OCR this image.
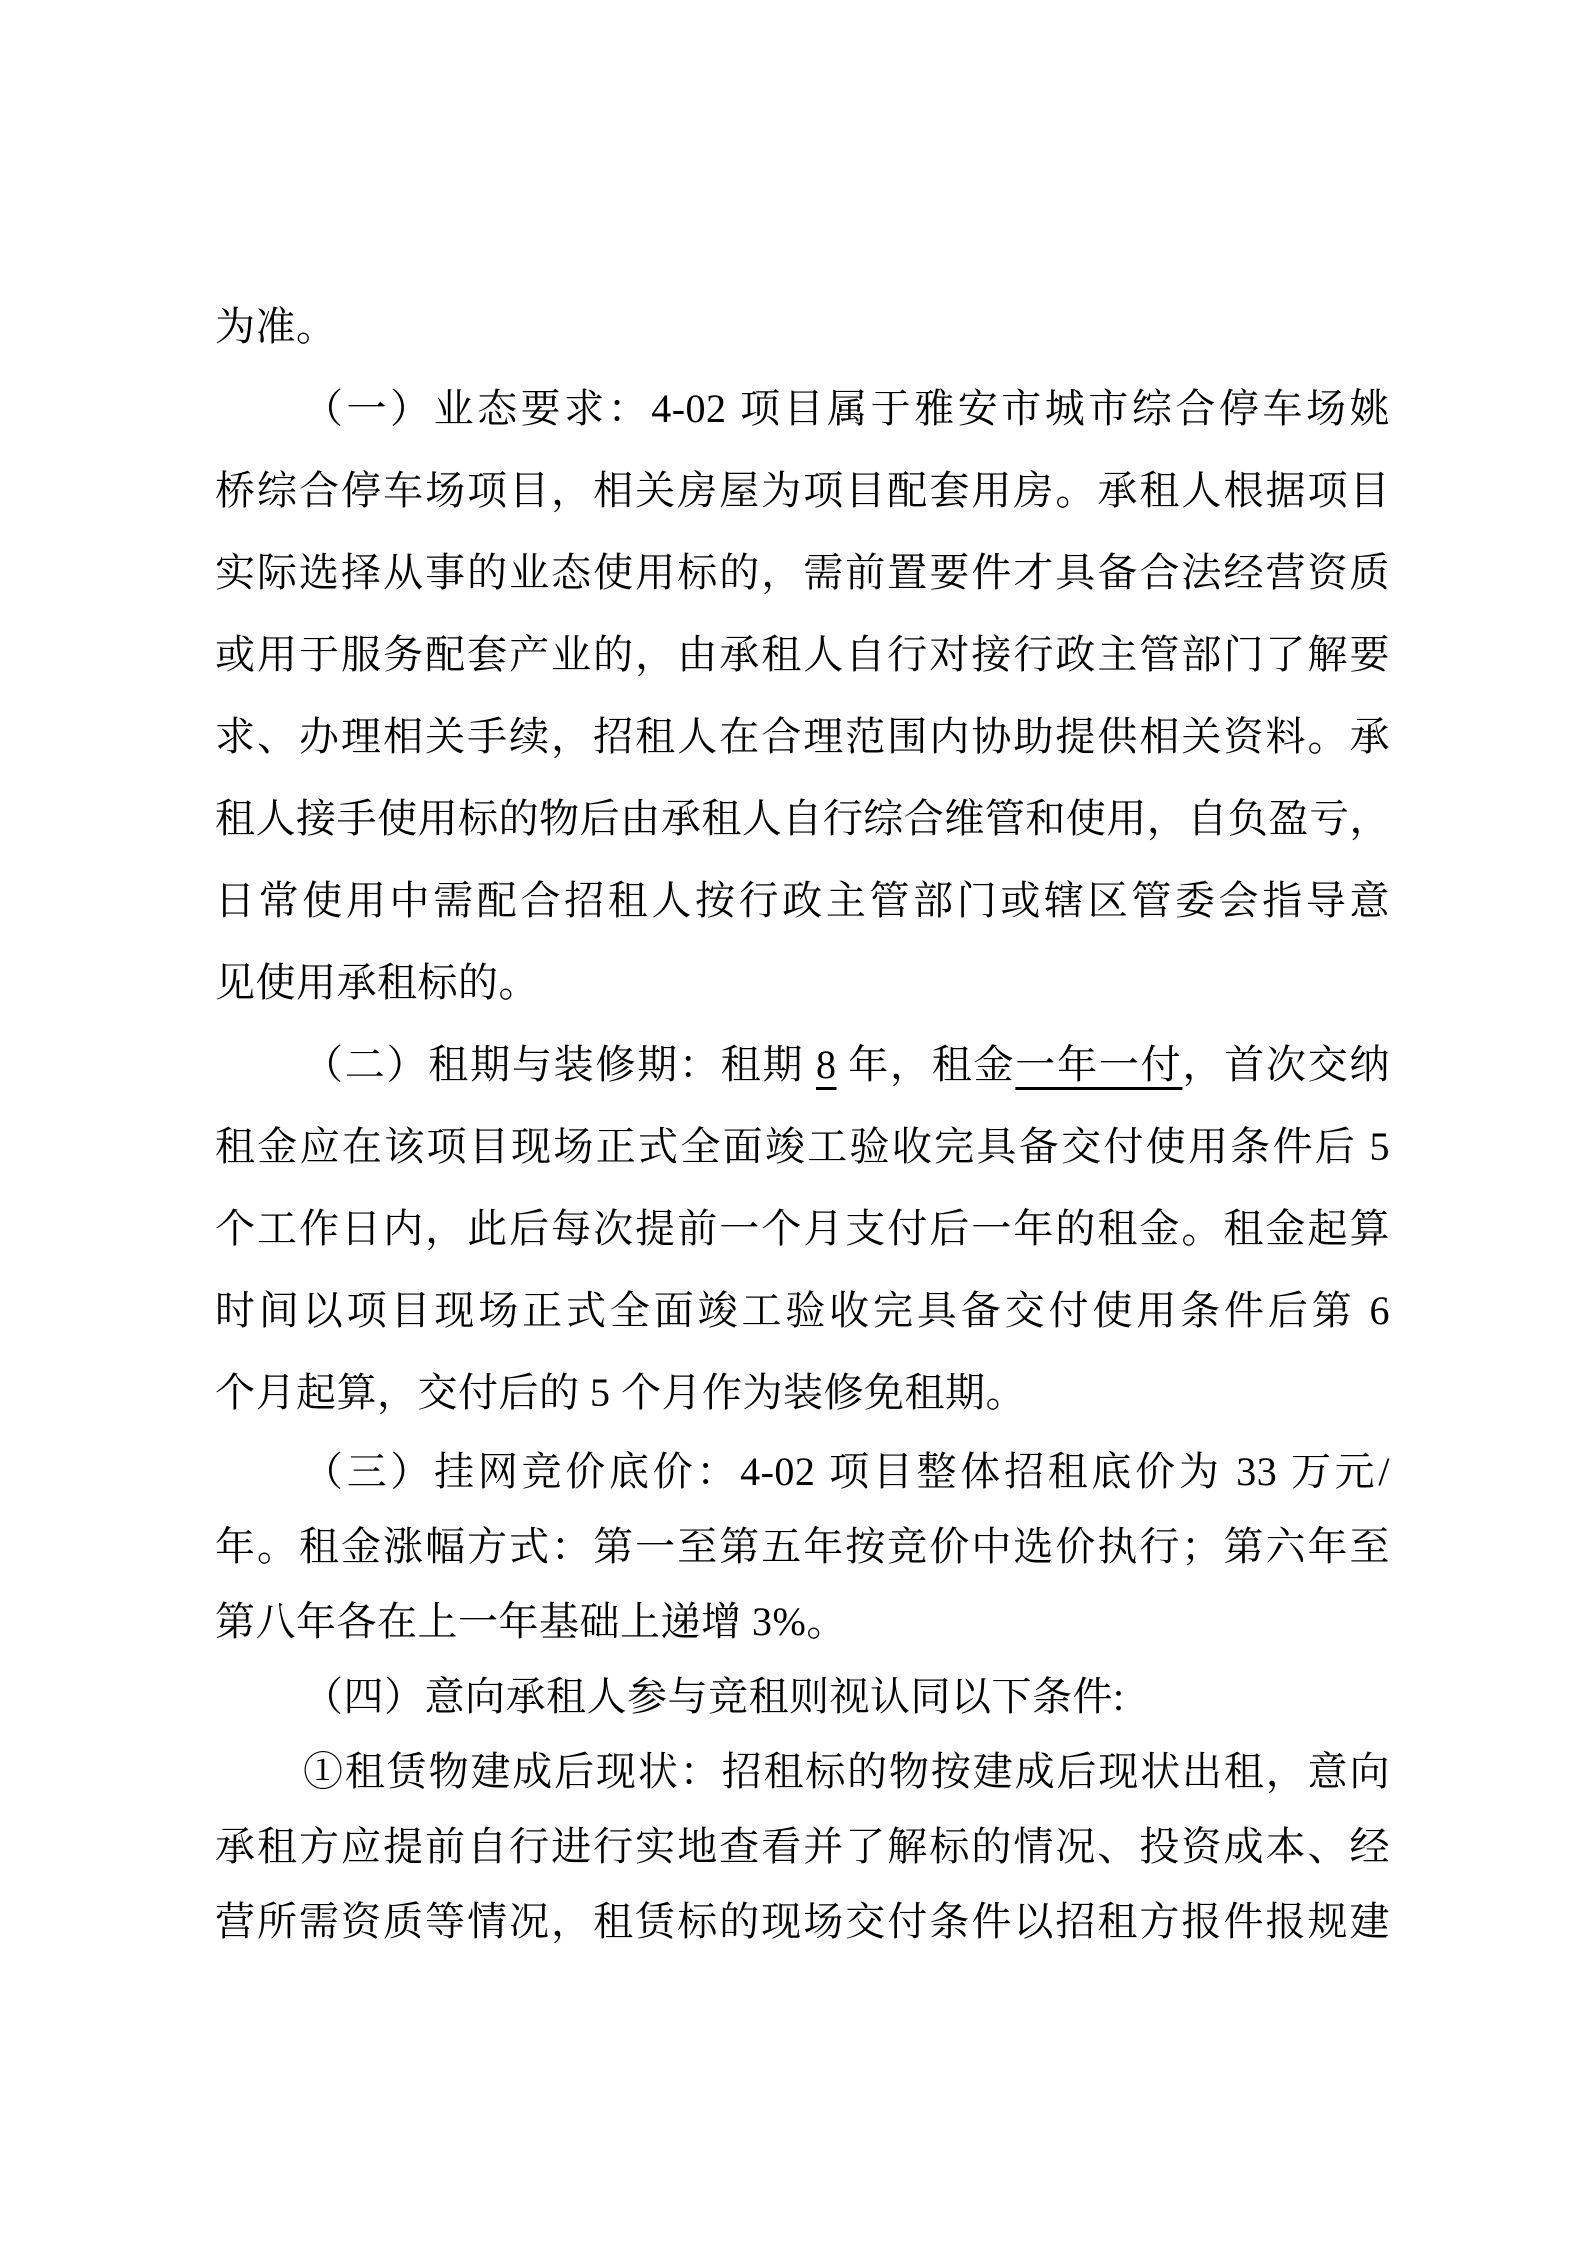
为准。
（一）业态要求：4-02 项目属于雅安市城市综合停车场姚
桥综合停车场项目，相关房屋为项目配套用房。承租人根据项目
实际选择从事的业态使用标的，需前置要件才具备合法经营资质
或用于服务配套产业的，由承租人自行对接行政主管部门了解要
求、办理相关手续，招租人在合理范围内协助提供相关资料。承
租人接手使用标的物后由承租人自行综合维管和使用，自负盈亏，
日常使用中需配合招租人按行政主管部门或辖区管委会指导意
见使用承租标的。
（二）租期与装修期：租期 8 年，租金一年一付，首次交纳
租金应在该项目现场正式全面竣工验收完具备交付使用条件后 5
个工作日内，此后每次提前一个月支付后一年的租金。租金起算
时间以项目现场正式全面竣工验收完具备交付使用条件后第 6
个月起算，交付后的 5 个月作为装修免租期。
（三）挂网竞价底价：4-02 项目整体招租底价为 33 万元/
年。租金涨幅方式：第一至第五年按竞价中选价执行；第六年至
第八年各在上一年基础上递增 3%。
（四）意向承租人参与竞租则视认同以下条件:
①租赁物建成后现状：招租标的物按建成后现状出租，意向
承租方应提前自行进行实地查看并了解标的情况、投资成本、经
营所需资质等情况，租赁标的现场交付条件以招租方报件报规建
